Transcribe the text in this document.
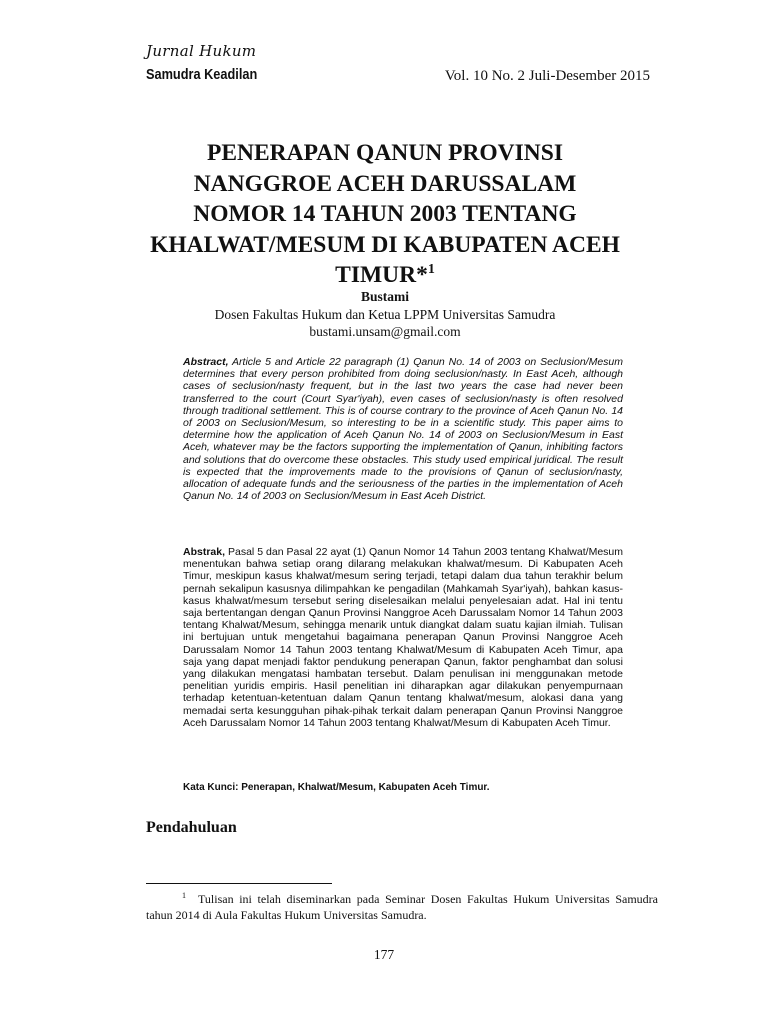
Jurnal Hukum
Samudra Keadilan	Vol. 10 No. 2 Juli-Desember 2015
PENERAPAN QANUN PROVINSI NANGGROE ACEH DARUSSALAM NOMOR 14 TAHUN 2003 TENTANG KHALWAT/MESUM DI KABUPATEN ACEH TIMUR*$^1$
Bustami
Dosen Fakultas Hukum dan Ketua LPPM Universitas Samudra
bustami.unsam@gmail.com
Abstract, Article 5 and Article 22 paragraph (1) Qanun No. 14 of 2003 on Seclusion/Mesum determines that every person prohibited from doing seclusion/nasty. In East Aceh, although cases of seclusion/nasty frequent, but in the last two years the case had never been transferred to the court (Court Syar'iyah), even cases of seclusion/nasty is often resolved through traditional settlement. This is of course contrary to the province of Aceh Qanun No. 14 of 2003 on Seclusion/Mesum, so interesting to be in a scientific study. This paper aims to determine how the application of Aceh Qanun No. 14 of 2003 on Seclusion/Mesum in East Aceh, whatever may be the factors supporting the implementation of Qanun, inhibiting factors and solutions that do overcome these obstacles. This study used empirical juridical. The result is expected that the improvements made to the provisions of Qanun of seclusion/nasty, allocation of adequate funds and the seriousness of the parties in the implementation of Aceh Qanun No. 14 of 2003 on Seclusion/Mesum in East Aceh District.
Abstrak, Pasal 5 dan Pasal 22 ayat (1) Qanun Nomor 14 Tahun 2003 tentang Khalwat/Mesum menentukan bahwa setiap orang dilarang melakukan khalwat/mesum. Di Kabupaten Aceh Timur, meskipun kasus khalwat/mesum sering terjadi, tetapi dalam dua tahun terakhir belum pernah sekalipun kasusnya dilimpahkan ke pengadilan (Mahkamah Syar'iyah), bahkan kasus-kasus khalwat/mesum tersebut sering diselesaikan melalui penyelesaian adat. Hal ini tentu saja bertentangan dengan Qanun Provinsi Nanggroe Aceh Darussalam Nomor 14 Tahun 2003 tentang Khalwat/Mesum, sehingga menarik untuk diangkat dalam suatu kajian ilmiah. Tulisan ini bertujuan untuk mengetahui bagaimana penerapan Qanun Provinsi Nanggroe Aceh Darussalam Nomor 14 Tahun 2003 tentang Khalwat/Mesum di Kabupaten Aceh Timur, apa saja yang dapat menjadi faktor pendukung penerapan Qanun, faktor penghambat dan solusi yang dilakukan mengatasi hambatan tersebut. Dalam penulisan ini menggunakan metode penelitian yuridis empiris. Hasil penelitian ini diharapkan agar dilakukan penyempurnaan terhadap ketentuan-ketentuan dalam Qanun tentang khalwat/mesum, alokasi dana yang memadai serta kesungguhan pihak-pihak terkait dalam penerapan Qanun Provinsi Nanggroe Aceh Darussalam Nomor 14 Tahun 2003 tentang Khalwat/Mesum di Kabupaten Aceh Timur.
Kata Kunci: Penerapan, Khalwat/Mesum, Kabupaten Aceh Timur.
Pendahuluan
$^1$ Tulisan ini telah diseminarkan pada Seminar Dosen Fakultas Hukum Universitas Samudra tahun 2014 di Aula Fakultas Hukum Universitas Samudra.
177
